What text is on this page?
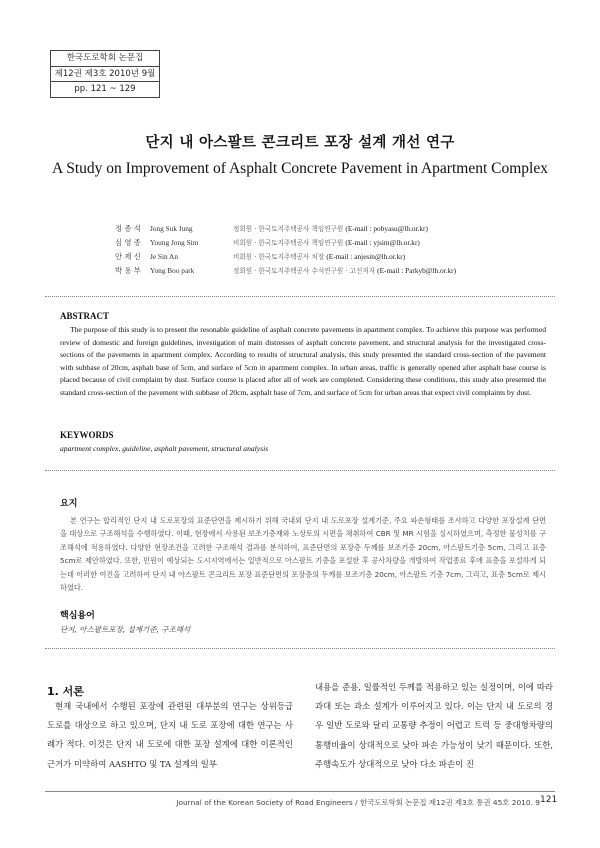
한국도로학회 논문집
제12권 제3호 2010년 9월
pp. 121 ~ 129
단지 내 아스팔트 콘크리트 포장 설계 개선 연구
A Study on Improvement of Asphalt Concrete Pavement in Apartment Complex
정 종 석	Jong Suk Jung	정회원 · 한국토지주택공사 책임연구원 (E-mail : pobyasu@lh.or.kr)
심 영 종	Young Jong Sim	비회원 · 한국토지주택공사 책임연구원 (E-mail : yjsim@lh.or.kr)
안 제 신	Je Sin An	비회원 · 한국토지주택공사 처장 (E-mail : anjesin@lh.or.kr)
박 용 부	Yong Boo park	정회원 · 한국토지주택공사 수석연구원 · 고신저자 (E-mail : Parkyb@lh.or.kr)
ABSTRACT

The purpose of this study is to present the resonable guideline of asphalt concrete pavements in apartment complex. To achieve this purpose was performed review of domestic and foreign guidelines, investigation of main distresses of asphalt concrete pavement, and structural analysis for the investigated cross-sections of the pavements in apartment complex. According to results of structural analysis, this study presented the standard cross-section of the pavement with subbase of 20cm, asphalt base of 5cm, and surface of 5cm in apartment complex. In urban areas, traffic is generally opened after asphalt base course is placed because of civil complaint by dust. Surface course is placed after all of work are completed. Considering these conditions, this study also presented the standard cross-section of the pavement with subbase of 20cm, asphalt base of 7cm, and surface of 5cm for urban areas that expect civil complaints by dust.

KEYWORDS
apartment complex, guideline, asphalt pavement, structural analysis
요지

본 연구는 합리적인 단지 내 도로포장의 표준단면을 제시하기 위해 국내외 단지 내 도로포장 설계기준, 주요 파손형태를 조사하고 다양한 포장설계 단면을 대상으로 구조해석을 수행하였다. 이때, 현장에서 사용된 보조기층재와 노상토의 시편을 채취하여 CBR 및 MR 시험을 실시하였으며, 측정한 물성치를 구조해석에 적용하였다. 다양한 현장조건을 고려한 구조해석 결과를 분석하여, 표준단면의 포장층 두께를 보조기층 20cm, 아스팔트기층 5cm, 그리고 표층 5cm로 제안하였다. 또한, 민원이 예상되는 도시지역에서는 일반적으로 아스팔트 기층을 포설한 후 공사차량을 개방하여 작업종료 후에 표층을 포설하게 되는데 이러한 여건을 고려하여 단지 내 아스팔트 콘크리트 포장 표준단면의 포장층의 두께를 보조기층 20cm, 아스팔트 기층 7cm, 그리고, 표층 5cm로 제시하였다.

핵심용어
단지, 아스팔트포장, 설계기준, 구조해석
1. 서론

현재 국내에서 수행된 포장에 관련된 대부분의 연구는 상위등급 도로를 대상으로 하고 있으며, 단지 내 도로 포장에 대한 연구는 사례가 적다. 이것은 단지 내 도로에 대한 포장 설계에 대한 이론적인 근거가 미약하여 AASHTO 및 TA 설계의 일부

내용을 준용, 일률적인 두께를 적용하고 있는 실정이며, 이에 따라 과대 또는 과소 설계가 이루어지고 있다. 이는 단지 내 도로의 경우 일반 도로와 달리 교통량 추정이 어렵고 트럭 등 중대형차량의 통행비율이 상대적으로 낮아 파손 가능성이 낮기 때문이다. 또한, 주행속도가 상대적으로 낮아 다소 파손이 진

Journal of the Korean Society of Road Engineers / 한국도로학회 논문집 제12권 제3호 통권 45호 2010. 9 121
